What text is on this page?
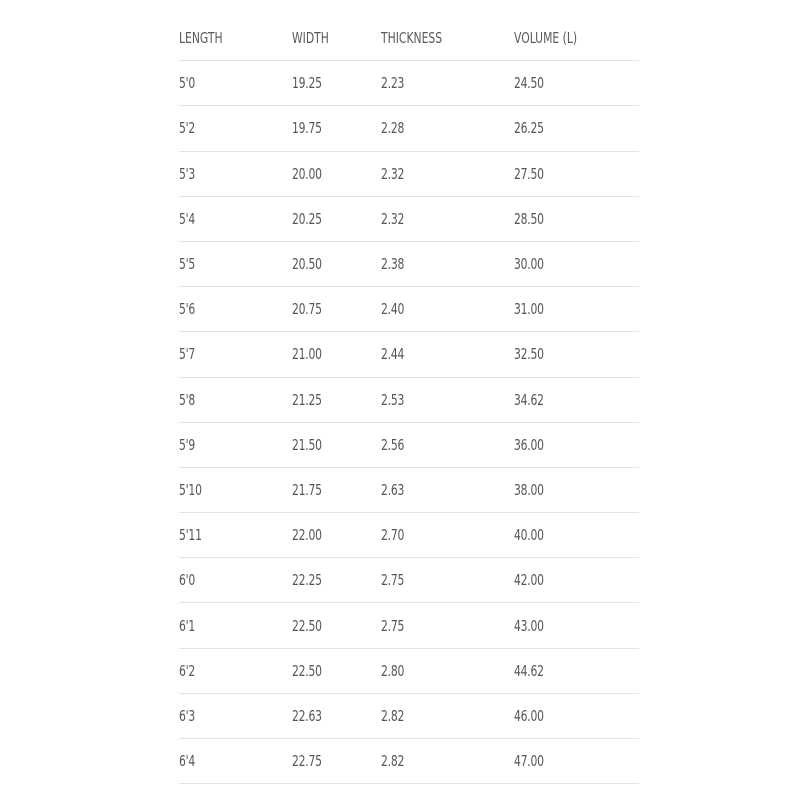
LENGTH	WIDTH	THICKNESS	VOLUME (L)
5'0	19.25	2.23	24.50
5'2	19.75	2.28	26.25
5'3	20.00	2.32	27.50
5'4	20.25	2.32	28.50
5'5	20.50	2.38	30.00
5'6	20.75	2.40	31.00
5'7	21.00	2.44	32.50
5'8	21.25	2.53	34.62
5'9	21.50	2.56	36.00
5'10	21.75	2.63	38.00
5'11	22.00	2.70	40.00
6'0	22.25	2.75	42.00
6'1	22.50	2.75	43.00
6'2	22.50	2.80	44.62
6'3	22.63	2.82	46.00
6'4	22.75	2.82	47.00
